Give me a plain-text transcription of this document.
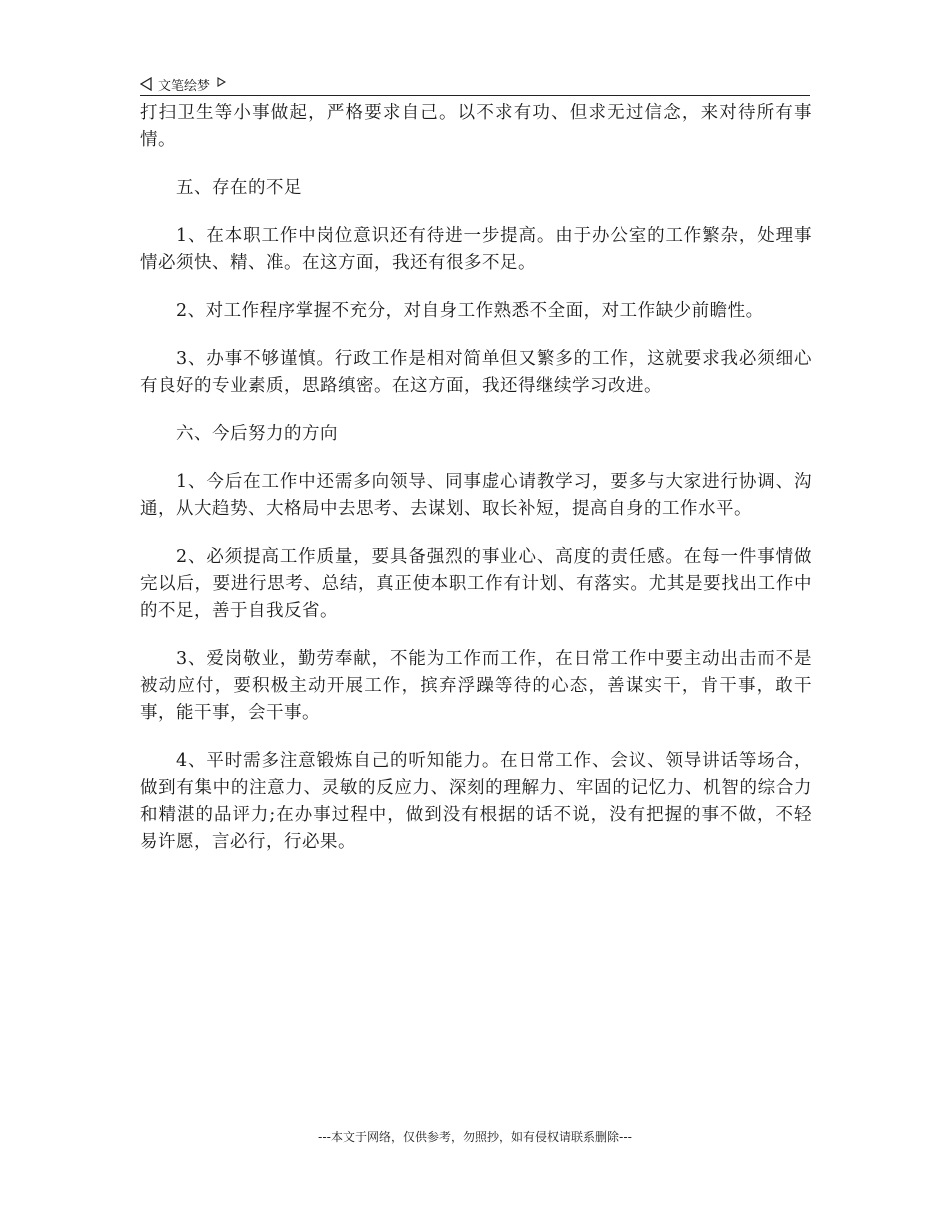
文笔绘梦

打扫卫生等小事做起，严格要求自己。以不求有功、但求无过信念，来对待所有事情。

五、存在的不足

1、在本职工作中岗位意识还有待进一步提高。由于办公室的工作繁杂，处理事情必须快、精、准。在这方面，我还有很多不足。

2、对工作程序掌握不充分，对自身工作熟悉不全面，对工作缺少前瞻性。

3、办事不够谨慎。行政工作是相对简单但又繁多的工作，这就要求我必须细心有良好的专业素质，思路缜密。在这方面，我还得继续学习改进。

六、今后努力的方向

1、今后在工作中还需多向领导、同事虚心请教学习，要多与大家进行协调、沟通，从大趋势、大格局中去思考、去谋划、取长补短，提高自身的工作水平。

2、必须提高工作质量，要具备强烈的事业心、高度的责任感。在每一件事情做完以后，要进行思考、总结，真正使本职工作有计划、有落实。尤其是要找出工作中的不足，善于自我反省。

3、爱岗敬业，勤劳奉献，不能为工作而工作，在日常工作中要主动出击而不是被动应付，要积极主动开展工作，摈弃浮躁等待的心态，善谋实干，肯干事，敢干事，能干事，会干事。

4、平时需多注意锻炼自己的听知能力。在日常工作、会议、领导讲话等场合，做到有集中的注意力、灵敏的反应力、深刻的理解力、牢固的记忆力、机智的综合力和精湛的品评力;在办事过程中，做到没有根据的话不说，没有把握的事不做，不轻易许愿，言必行，行必果。

---本文于网络，仅供参考，勿照抄，如有侵权请联系删除---
